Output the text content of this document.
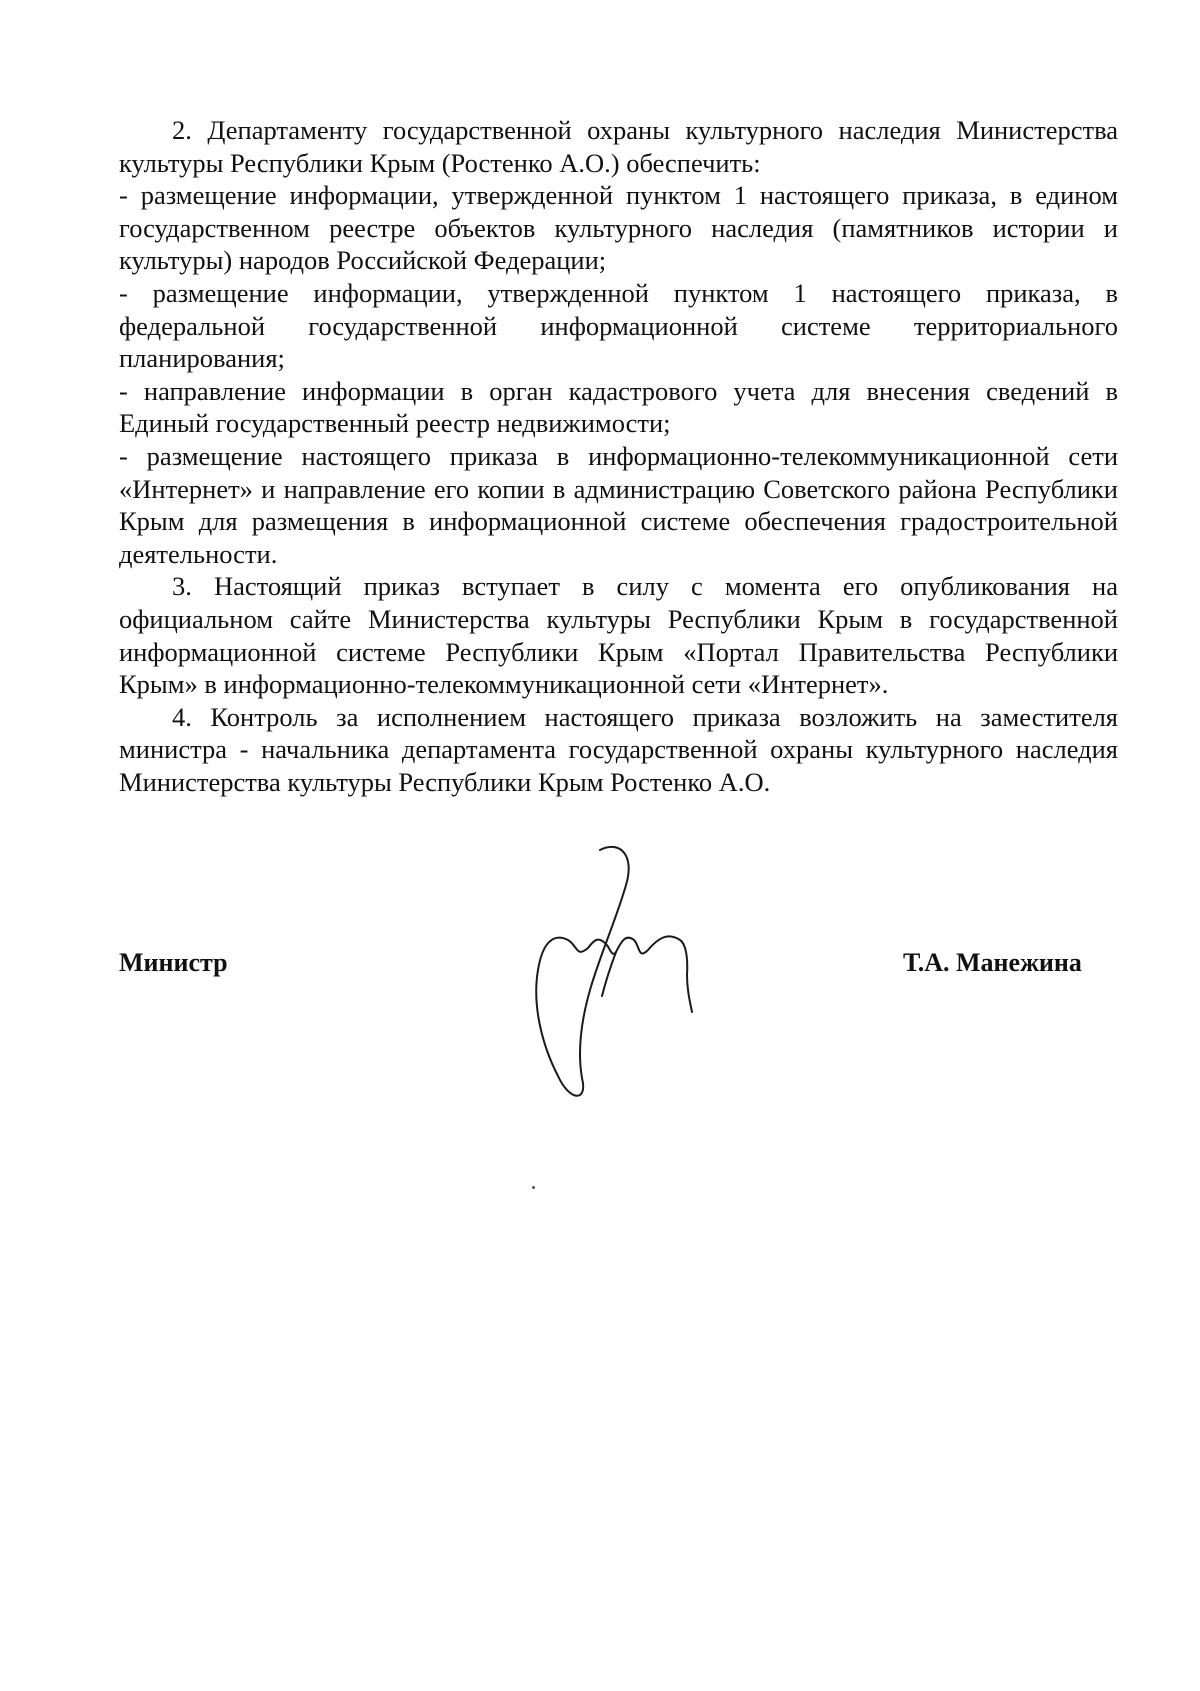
2. Департаменту государственной охраны культурного наследия Министерства культуры Республики Крым (Ростенко А.О.) обеспечить:

- размещение информации, утвержденной пунктом 1 настоящего приказа, в едином государственном реестре объектов культурного наследия (памятников истории и культуры) народов Российской Федерации;

- размещение информации, утвержденной пунктом 1 настоящего приказа, в федеральной государственной информационной системе территориального планирования;

- направление информации в орган кадастрового учета для внесения сведений в Единый государственный реестр недвижимости;

- размещение настоящего приказа в информационно-телекоммуникационной сети «Интернет» и направление его копии в администрацию Советского района Республики Крым для размещения в информационной системе обеспечения градостроительной деятельности.

3. Настоящий приказ вступает в силу с момента его опубликования на официальном сайте Министерства культуры Республики Крым в государственной информационной системе Республики Крым «Портал Правительства Республики Крым» в информационно-телекоммуникационной сети «Интернет».

4. Контроль за исполнением настоящего приказа возложить на заместителя министра - начальника департамента государственной охраны культурного наследия Министерства культуры Республики Крым Ростенко А.О.

Министр	Т.А. Манежина
